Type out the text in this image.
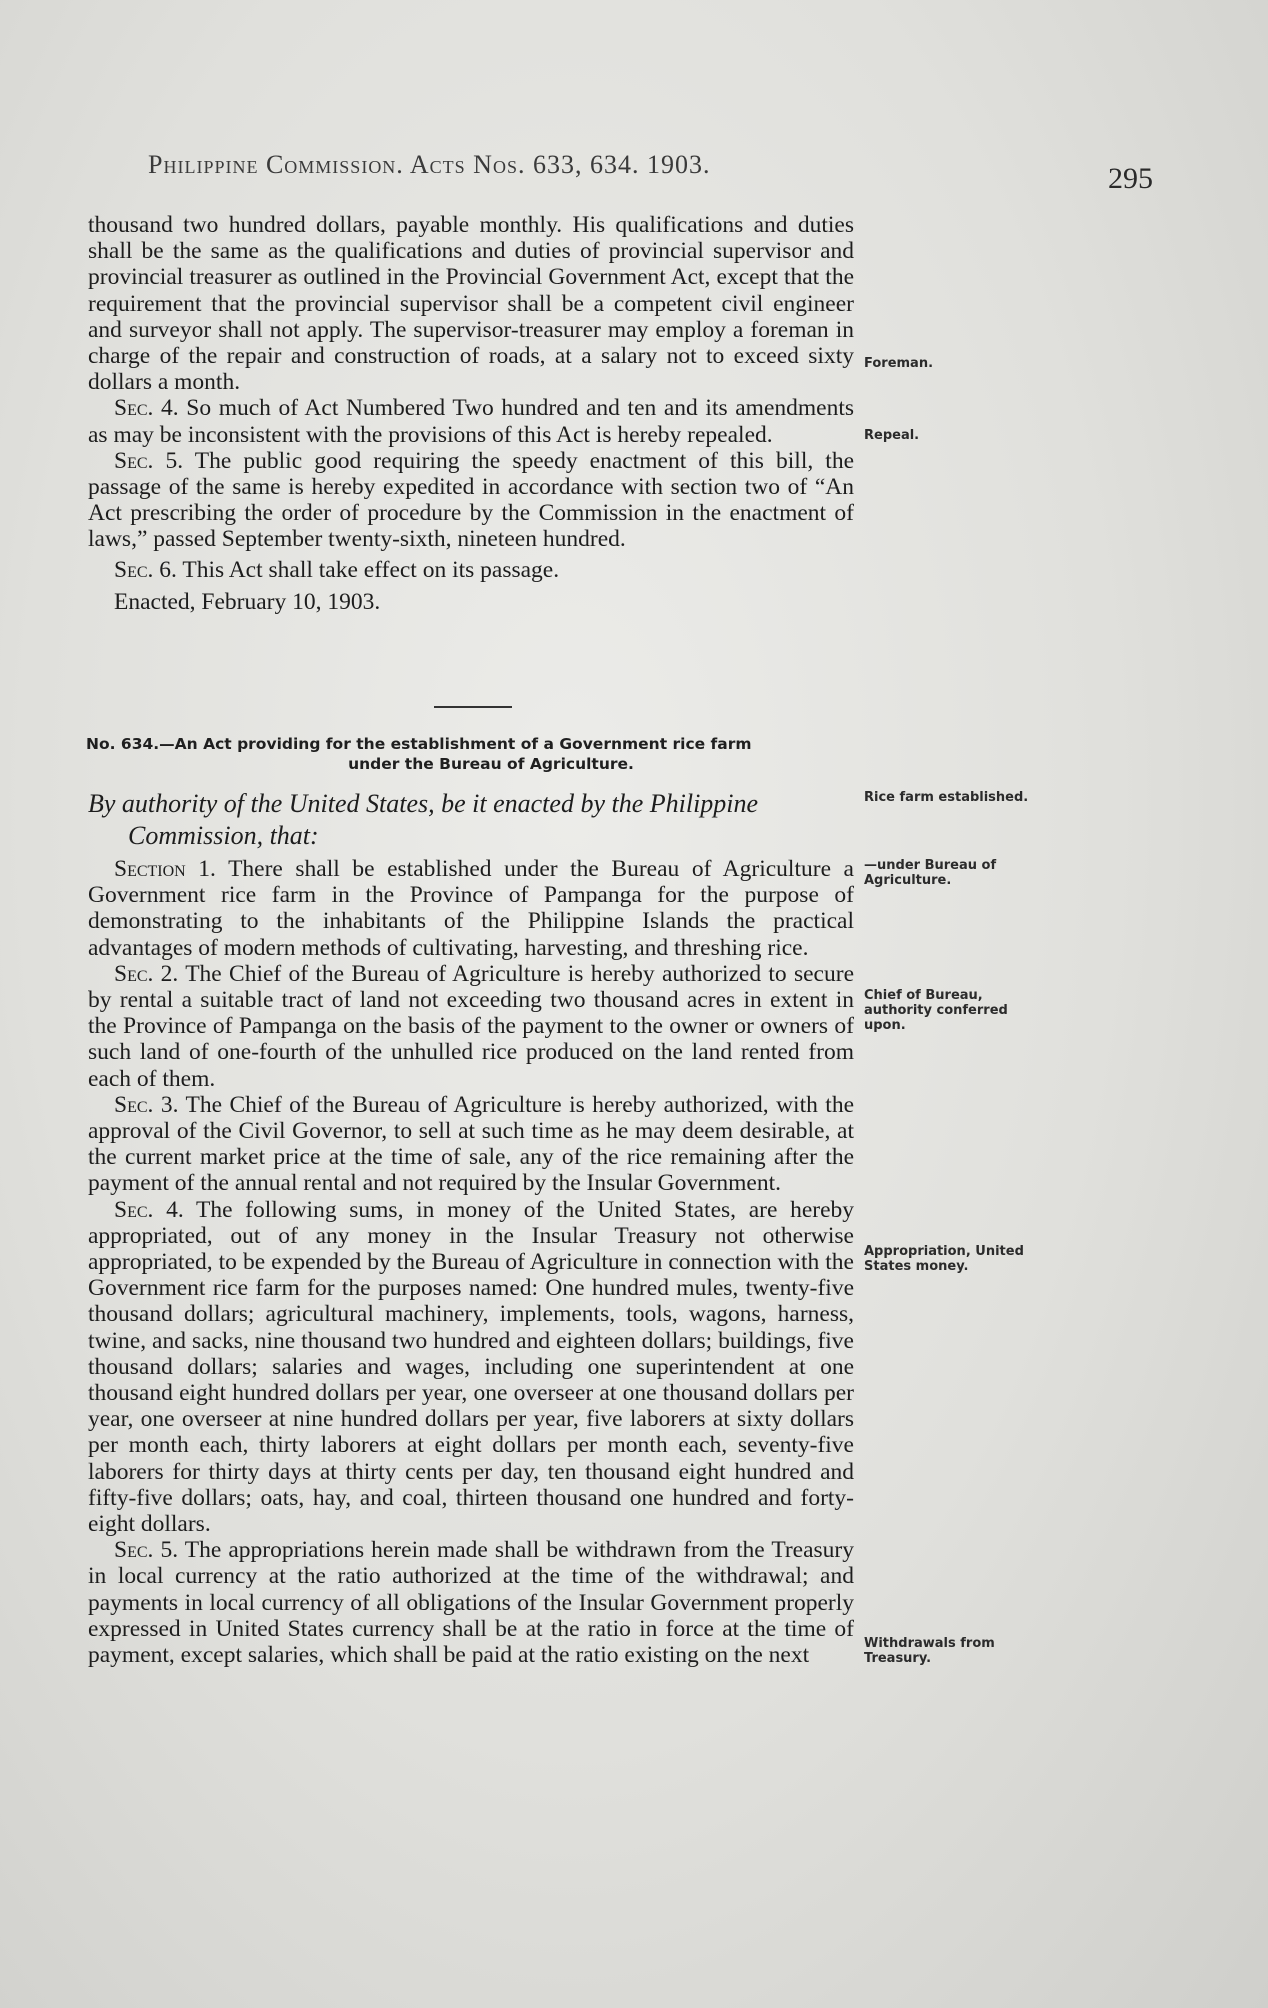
Philippine Commission. Acts Nos. 633, 634. 1903.	295

thousand two hundred dollars, payable monthly. His qualifications and duties shall be the same as the qualifications and duties of provincial supervisor and provincial treasurer as outlined in the Provincial Government Act, except that the requirement that the provincial supervisor shall be a competent civil engineer and surveyor shall not apply. The supervisor-treasurer may employ a foreman in charge of the repair and construction of roads, at a salary not to exceed sixty dollars a month.

Sec. 4. So much of Act Numbered Two hundred and ten and its amendments as may be inconsistent with the provisions of this Act is hereby repealed.

Sec. 5. The public good requiring the speedy enactment of this bill, the passage of the same is hereby expedited in accordance with section two of “An Act prescribing the order of procedure by the Commission in the enactment of laws,” passed September twenty-sixth, nineteen hundred.

Sec. 6. This Act shall take effect on its passage.

Enacted, February 10, 1903.

Foreman.
Repeal.
No. 634.—An Act providing for the establishment of a Government rice farm
under the Bureau of Agriculture.
By authority of the United States, be it enacted by the Philippine
Commission, that:
Rice farm established.

Section 1. There shall be established under the Bureau of Agriculture a Government rice farm in the Province of Pampanga for the purpose of demonstrating to the inhabitants of the Philippine Islands the practical advantages of modern methods of cultivating, harvesting, and threshing rice.

Sec. 2. The Chief of the Bureau of Agriculture is hereby authorized to secure by rental a suitable tract of land not exceeding two thousand acres in extent in the Province of Pampanga on the basis of the payment to the owner or owners of such land of one-fourth of the unhulled rice produced on the land rented from each of them.

Sec. 3. The Chief of the Bureau of Agriculture is hereby authorized, with the approval of the Civil Governor, to sell at such time as he may deem desirable, at the current market price at the time of sale, any of the rice remaining after the payment of the annual rental and not required by the Insular Government.

Sec. 4. The following sums, in money of the United States, are hereby appropriated, out of any money in the Insular Treasury not otherwise appropriated, to be expended by the Bureau of Agriculture in connection with the Government rice farm for the purposes named: One hundred mules, twenty-five thousand dollars; agricultural machinery, implements, tools, wagons, harness, twine, and sacks, nine thousand two hundred and eighteen dollars; buildings, five thousand dollars; salaries and wages, including one superintendent at one thousand eight hundred dollars per year, one overseer at one thousand dollars per year, one overseer at nine hundred dollars per year, five laborers at sixty dollars per month each, thirty laborers at eight dollars per month each, seventy-five laborers for thirty days at thirty cents per day, ten thousand eight hundred and fifty-five dollars; oats, hay, and coal, thirteen thousand one hundred and forty-eight dollars.

Sec. 5. The appropriations herein made shall be withdrawn from the Treasury in local currency at the ratio authorized at the time of the withdrawal; and payments in local currency of all obligations of the Insular Government properly expressed in United States currency shall be at the ratio in force at the time of payment, except salaries, which shall be paid at the ratio existing on the next

—under Bureau of Agriculture.
Chief of Bureau, authority conferred upon.
Appropriation, United States money.
Withdrawals from Treasury.
